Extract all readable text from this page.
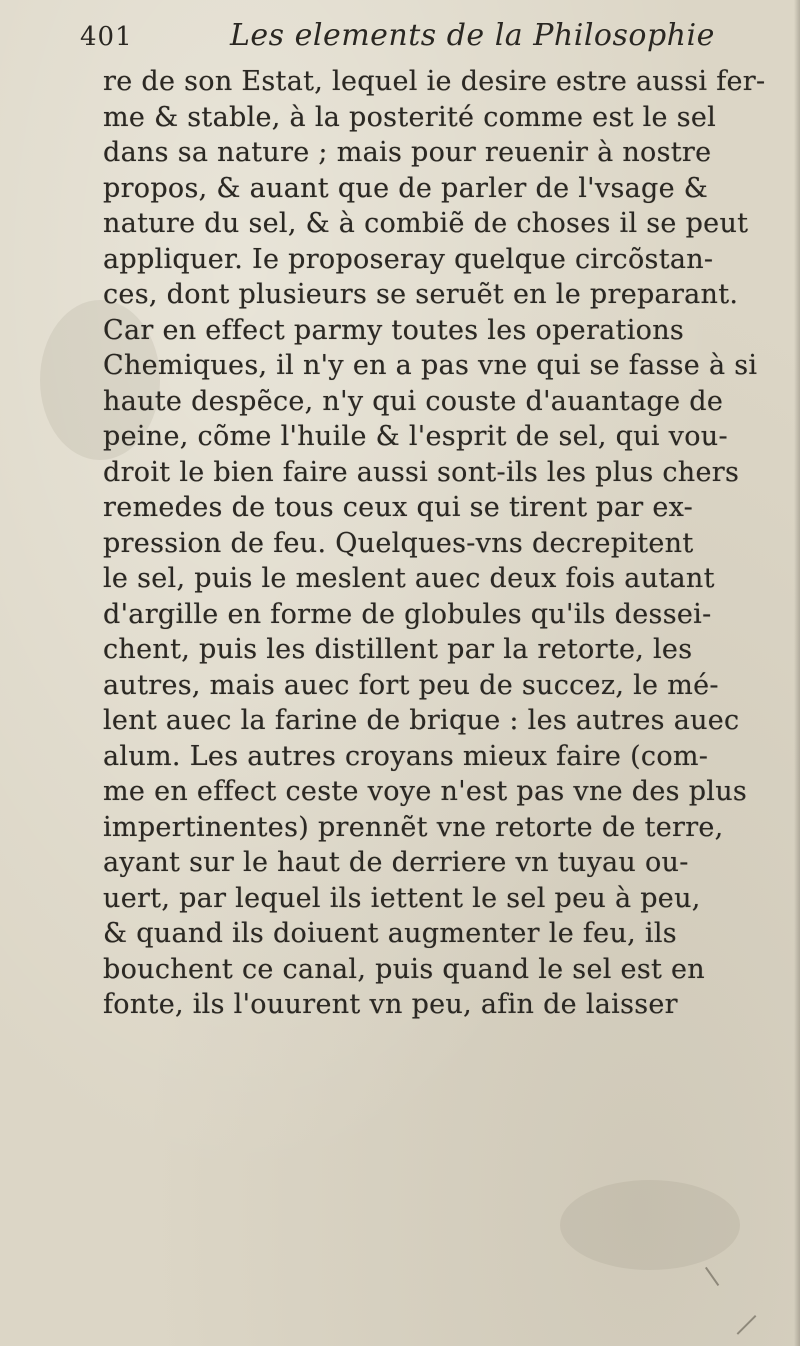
401	Les elements de la Philosophie
re de son Estat, lequel ie desire estre aussi fer-
me & stable, à la posterité comme est le sel
dans sa nature ; mais pour reuenir à nostre
propos, & auant que de parler de l'vsage &
nature du sel, & à combiẽ de choses il se peut
appliquer. Ie proposeray quelque circõstan-
ces, dont plusieurs se seruẽt en le preparant.
Car en effect parmy toutes les operations
Chemiques, il n'y en a pas vne qui se fasse à si
haute despẽce, n'y qui couste d'auantage de
peine, cõme l'huile & l'esprit de sel, qui vou-
droit le bien faire aussi sont-ils les plus chers
remedes de tous ceux qui se tirent par ex-
pression de feu. Quelques-vns decrepitent
le sel, puis le meslent auec deux fois autant
d'argille en forme de globules qu'ils dessei-
chent, puis les distillent par la retorte, les
autres, mais auec fort peu de succez, le mé-
lent auec la farine de brique : les autres auec
alum. Les autres croyans mieux faire (com-
me en effect ceste voye n'est pas vne des plus
impertinentes) prennẽt vne retorte de terre,
ayant sur le haut de derriere vn tuyau ou-
uert, par lequel ils iettent le sel peu à peu,
& quand ils doiuent augmenter le feu, ils
bouchent ce canal, puis quand le sel est en
fonte, ils l'ouurent vn peu, afin de laisser
